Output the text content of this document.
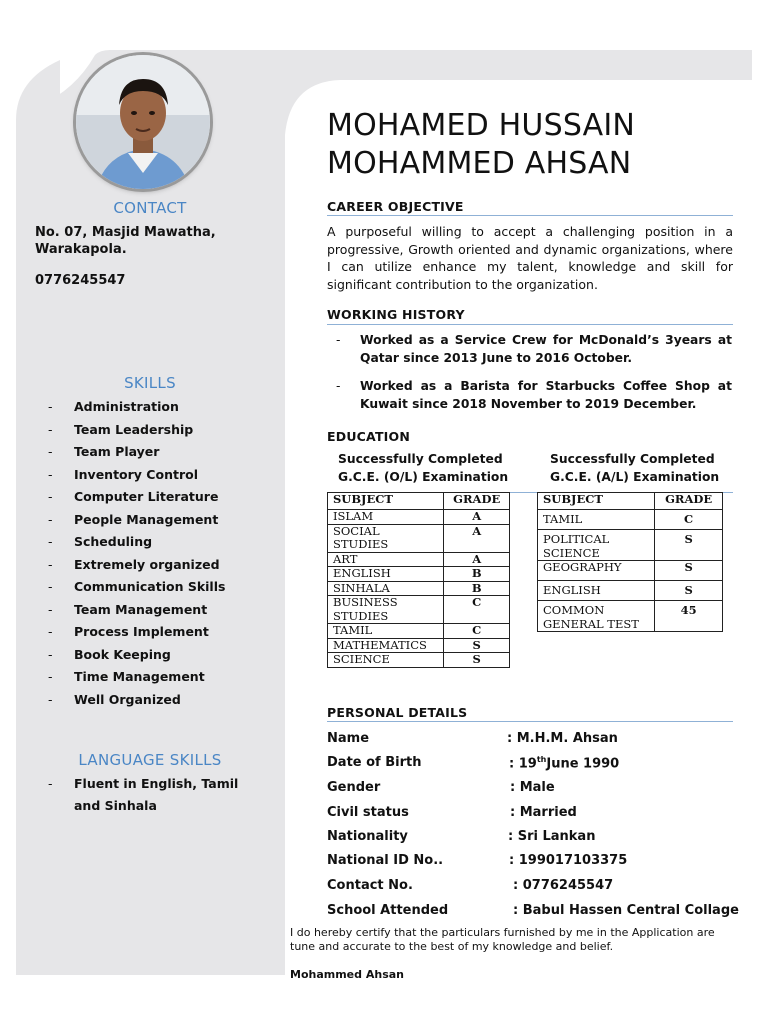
CONTACT
No. 07, Masjid Mawatha,
Warakapola.
0776245547
SKILLS
- Administration
- Team Leadership
- Team Player
- Inventory Control
- Computer Literature
- People Management
- Scheduling
- Extremely organized
- Communication Skills
- Team Management
- Process Implement
- Book Keeping
- Time Management
- Well Organized
LANGUAGE SKILLS
- Fluent in English, Tamil and Sinhala
MOHAMED HUSSAIN
MOHAMMED AHSAN
CAREER OBJECTIVE
A purposeful willing to accept a challenging position in a
progressive, Growth oriented and dynamic organizations, where
I can utilize enhance my talent, knowledge and skill for
significant contribution to the organization.
WORKING HISTORY
- Worked as a Service Crew for McDonald’s 3years at Qatar since 2013 June to 2016 October.
- Worked as a Barista for Starbucks Coffee Shop at Kuwait since 2018 November to 2019 December.
EDUCATION
Successfully Completed
G.C.E. (O/L) Examination
Successfully Completed
G.C.E. (A/L) Examination
SUBJECT	GRADE
ISLAM	A
SOCIAL STUDIES	A
ART	A
ENGLISH	B
SINHALA	B
BUSINESS STUDIES	C
TAMIL	C
MATHEMATICS	S
SCIENCE	S
SUBJECT	GRADE
TAMIL	C
POLITICAL SCIENCE	S
GEOGRAPHY	S
ENGLISH	S
COMMON GENERAL TEST	45
PERSONAL DETAILS
Name	: M.H.M. Ahsan
Date of Birth	: 19thJune 1990
Gender	: Male
Civil status	: Married
Nationality	: Sri Lankan
National ID No..	: 199017103375
Contact No.	: 0776245547
School Attended	: Babul Hassen Central Collage
I do hereby certify that the particulars furnished by me in the Application are
tune and accurate to the best of my knowledge and belief.
Mohammed Ahsan
